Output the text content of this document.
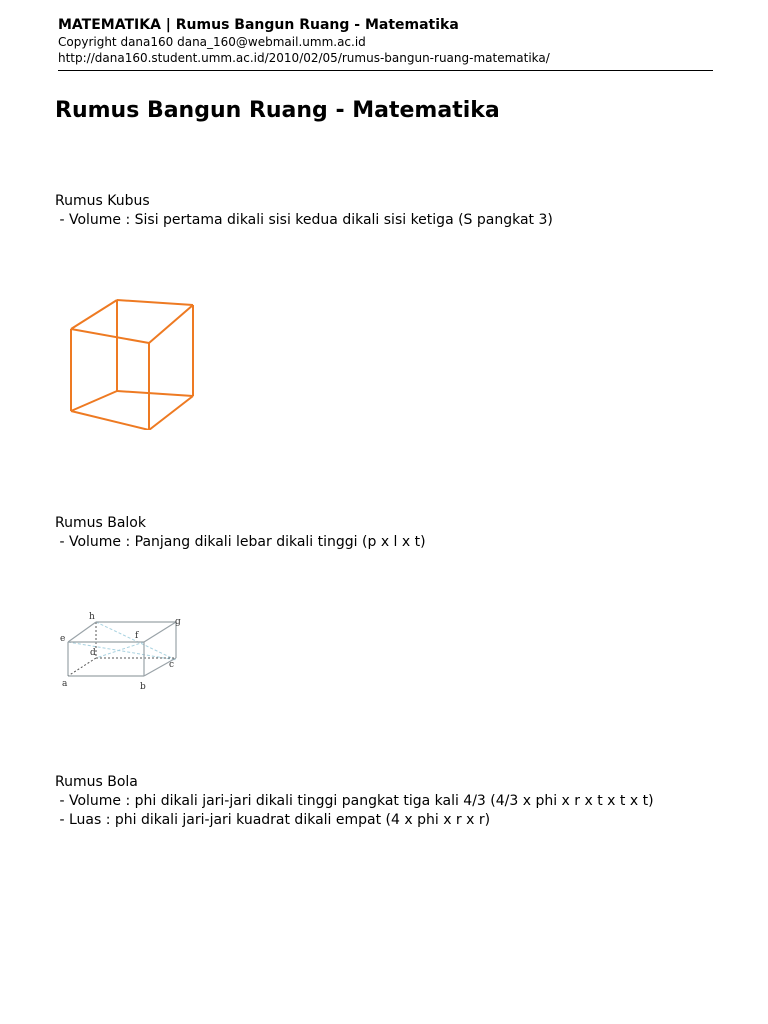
MATEMATIKA | Rumus Bangun Ruang - Matematika
Copyright dana160 dana_160@webmail.umm.ac.id
http://dana160.student.umm.ac.id/2010/02/05/rumus-bangun-ruang-matematika/
Rumus Bangun Ruang - Matematika
Rumus Kubus
- Volume : Sisi pertama dikali sisi kedua dikali sisi ketiga (S pangkat 3)
Rumus Balok
- Volume : Panjang dikali lebar dikali tinggi (p x l x t)
h	g
e	f
d
c
a	b
Rumus Bola
- Volume : phi dikali jari-jari dikali tinggi pangkat tiga kali 4/3 (4/3 x phi x r x t x t x t)
- Luas : phi dikali jari-jari kuadrat dikali empat (4 x phi x r x r)
